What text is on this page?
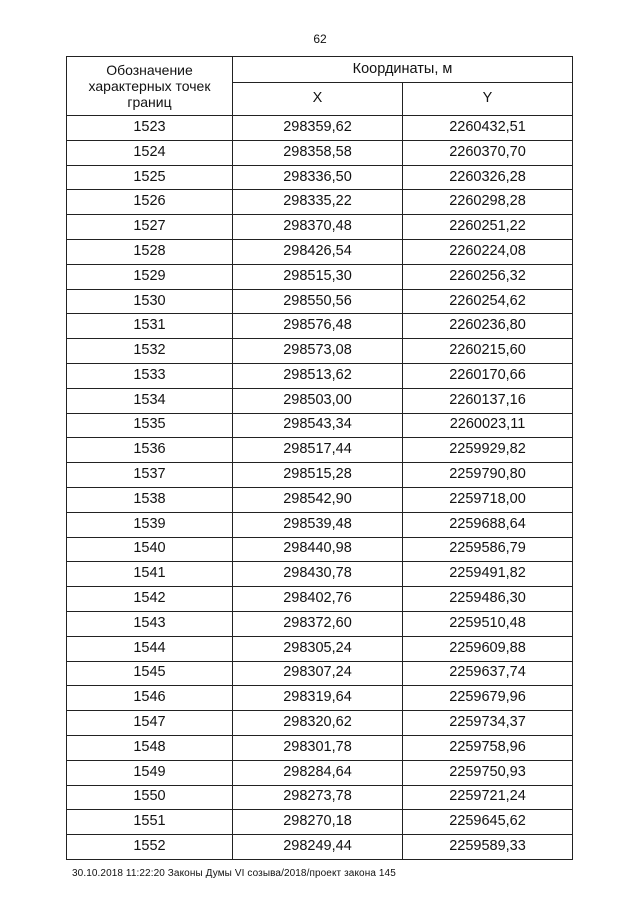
62
Обозначение характерных точек границ	Координаты, м	
	X	Y
1523	298359,62	2260432,51
1524	298358,58	2260370,70
1525	298336,50	2260326,28
1526	298335,22	2260298,28
1527	298370,48	2260251,22
1528	298426,54	2260224,08
1529	298515,30	2260256,32
1530	298550,56	2260254,62
1531	298576,48	2260236,80
1532	298573,08	2260215,60
1533	298513,62	2260170,66
1534	298503,00	2260137,16
1535	298543,34	2260023,11
1536	298517,44	2259929,82
1537	298515,28	2259790,80
1538	298542,90	2259718,00
1539	298539,48	2259688,64
1540	298440,98	2259586,79
1541	298430,78	2259491,82
1542	298402,76	2259486,30
1543	298372,60	2259510,48
1544	298305,24	2259609,88
1545	298307,24	2259637,74
1546	298319,64	2259679,96
1547	298320,62	2259734,37
1548	298301,78	2259758,96
1549	298284,64	2259750,93
1550	298273,78	2259721,24
1551	298270,18	2259645,62
1552	298249,44	2259589,33
30.10.2018 11:22:20 Законы Думы VI созыва/2018/проект закона 145
